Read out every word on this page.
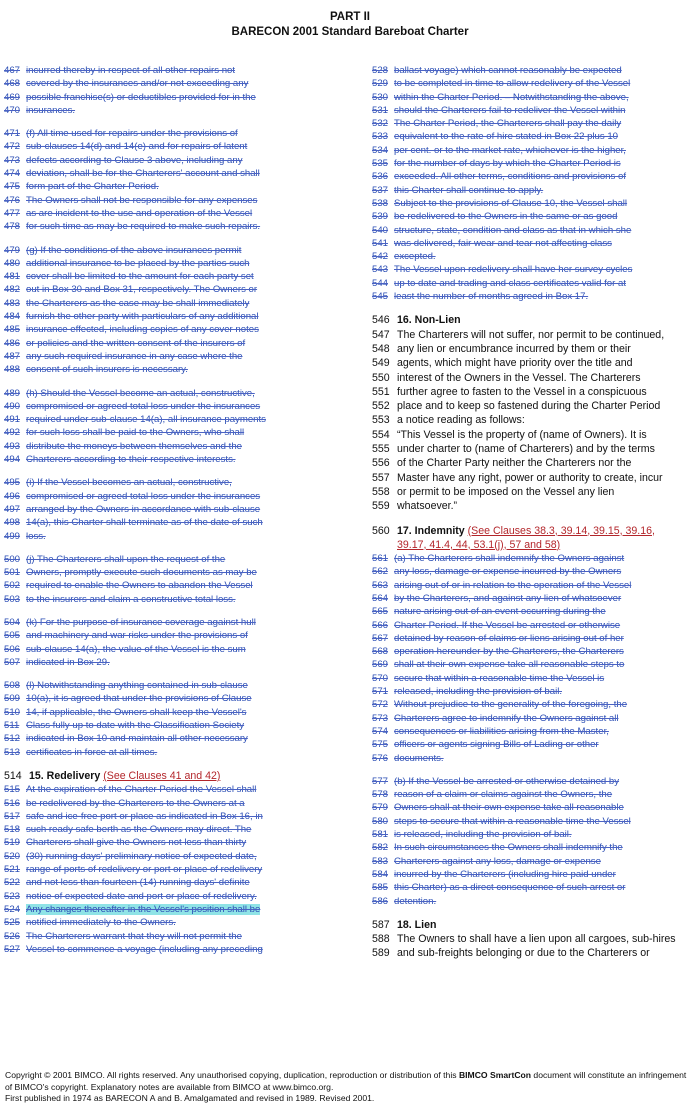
PART II
BARECON 2001 Standard Bareboat Charter
467 incurred thereby in respect of all other repairs not
468 covered by the insurances and/or not exceeding any
469 possible franchise(s) or deductibles provided for in the
470 insurances.
471 (f) All time used for repairs under the provisions of
472 sub-clauses 14(d) and 14(e) and for repairs of latent
473 defects according to Clause 3 above, including any
474 deviation, shall be for the Charterers' account and shall
475 form part of the Charter Period.
476 The Owners shall not be responsible for any expenses
477 as are incident to the use and operation of the Vessel
478 for such time as may be required to make such repairs.
479 (g) If the conditions of the above insurances permit
480 additional insurance to be placed by the parties such
481 cover shall be limited to the amount for each party set
482 out in Box 30 and Box 31, respectively. The Owners or
483 the Charterers as the case may be shall immediately
484 furnish the other party with particulars of any additional
485 insurance effected, including copies of any cover notes
486 or policies and the written consent of the insurers of
487 any such required insurance in any case where the
488 consent of such insurers is necessary.
489 (h) Should the Vessel become an actual, constructive,
490 compromised or agreed total loss under the insurances
491 required under sub-clause 14(a), all insurance payments
492 for such loss shall be paid to the Owners, who shall
493 distribute the moneys between themselves and the
494 Charterers according to their respective interests.
495 (i) If the Vessel becomes an actual, constructive,
496 compromised or agreed total loss under the insurances
497 arranged by the Owners in accordance with sub-clause
498 14(a), this Charter shall terminate as of the date of such
499 loss.
500 (j) The Charterers shall upon the request of the
501 Owners, promptly execute such documents as may be
502 required to enable the Owners to abandon the Vessel
503 to the insurers and claim a constructive total loss.
504 (k) For the purpose of insurance coverage against hull
505 and machinery and war risks under the provisions of
506 sub-clause 14(a), the value of the Vessel is the sum
507 indicated in Box 29.
508 (l) Notwithstanding anything contained in sub-clause
509 10(a), it is agreed that under the provisions of Clause
510 14, if applicable, the Owners shall keep the Vessel's
511 Class fully up to date with the Classification Society
512 indicated in Box 10 and maintain all other necessary
513 certificates in force at all times.
514 15. Redelivery (See Clauses 41 and 42)
515 At the expiration of the Charter Period the Vessel shall
516 be redelivered by the Charterers to the Owners at a
517 safe and ice-free port or place as indicated in Box 16, in
518 such ready safe berth as the Owners may direct. The
519 Charterers shall give the Owners not less than thirty
520 (30) running days' preliminary notice of expected date,
521 range of ports of redelivery or port or place of redelivery
522 and not less than fourteen (14) running days' definite
523 notice of expected date and port or place of redelivery.
524 Any changes thereafter in the Vessel's position shall be
525 notified immediately to the Owners.
526 The Charterers warrant that they will not permit the
527 Vessel to commence a voyage (including any preceding
528 ballast voyage) which cannot reasonably be expected
529 to be completed in time to allow redelivery of the Vessel
530 within the Charter Period. – Notwithstanding the above,
531 should the Charterers fail to redeliver the Vessel within
532 The Charter Period, the Charterers shall pay the daily
533 equivalent to the rate of hire stated in Box 22 plus 10
534 per cent. or to the market rate, whichever is the higher,
535 for the number of days by which the Charter Period is
536 exceeded. All other terms, conditions and provisions of
537 this Charter shall continue to apply.
538 Subject to the provisions of Clause 10, the Vessel shall
539 be redelivered to the Owners in the same or as good
540 structure, state, condition and class as that in which she
541 was delivered, fair wear and tear not affecting class
542 excepted.
543 The Vessel upon redelivery shall have her survey cycles
544 up to date and trading and class certificates valid for at
545 least the number of months agreed in Box 17.
546 16. Non-Lien
547 The Charterers will not suffer, nor permit to be continued,
548 any lien or encumbrance incurred by them or their
549 agents, which might have priority over the title and
550 interest of the Owners in the Vessel. The Charterers
551 further agree to fasten to the Vessel in a conspicuous
552 place and to keep so fastened during the Charter Period
553 a notice reading as follows:
554 “This Vessel is the property of (name of Owners). It is
555 under charter to (name of Charterers) and by the terms
556 of the Charter Party neither the Charterers nor the
557 Master have any right, power or authority to create, incur
558 or permit to be imposed on the Vessel any lien
559 whatsoever.”
560 17. Indemnity (See Clauses 38.3, 39.14, 39.15, 39.16,
39.17, 41.4, 44, 53.1(j), 57 and 58)
561 (a) The Charterers shall indemnify the Owners against
562 any loss, damage or expense incurred by the Owners
563 arising out of or in relation to the operation of the Vessel
564 by the Charterers, and against any lien of whatsoever
565 nature arising out of an event occurring during the
566 Charter Period. If the Vessel be arrested or otherwise
567 detained by reason of claims or liens arising out of her
568 operation hereunder by the Charterers, the Charterers
569 shall at their own expense take all reasonable steps to
570 secure that within a reasonable time the Vessel is
571 released, including the provision of bail.
572 Without prejudice to the generality of the foregoing, the
573 Charterers agree to indemnify the Owners against all
574 consequences or liabilities arising from the Master,
575 officers or agents signing Bills of Lading or other
576 documents.
577 (b) If the Vessel be arrested or otherwise detained by
578 reason of a claim or claims against the Owners, the
579 Owners shall at their own expense take all reasonable
580 steps to secure that within a reasonable time the Vessel
581 is released, including the provision of bail.
582 In such circumstances the Owners shall indemnify the
583 Charterers against any loss, damage or expense
584 incurred by the Charterers (including hire paid under
585 this Charter) as a direct consequence of such arrest or
586 detention.
587 18. Lien
588 The Owners to shall have a lien upon all cargoes, sub-hires
589 and sub-freights belonging or due to the Charterers or
Copyright © 2001 BIMCO. All rights reserved. Any unauthorised copying, duplication, reproduction or distribution of this BIMCO SmartCon document will constitute an infringement of BIMCO's copyright. Explanatory notes are available from BIMCO at www.bimco.org.
First published in 1974 as BARECON A and B. Amalgamated and revised in 1989. Revised 2001.
